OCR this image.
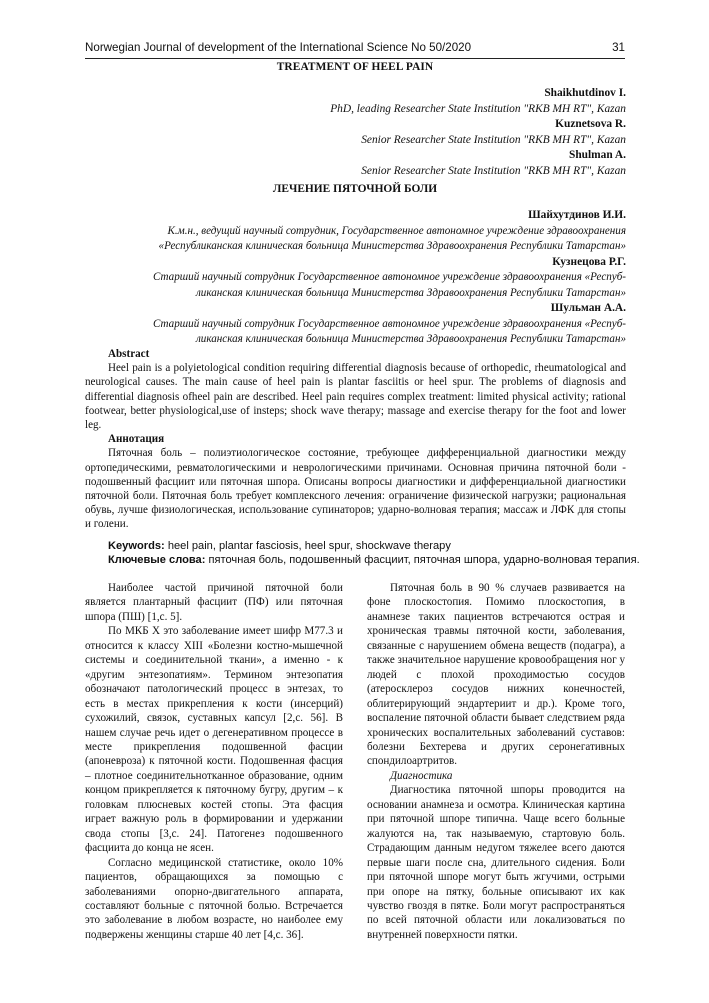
Norwegian Journal of development of the International Science No 50/2020	31
TREATMENT OF HEEL PAIN
Shaikhutdinov I.
PhD, leading Researcher State Institution "RKB MH RT", Kazan
Kuznetsova R.
Senior Researcher State Institution "RKB MH RT", Kazan
Shulman A.
Senior Researcher State Institution "RKB MH RT", Kazan
ЛЕЧЕНИЕ ПЯТОЧНОЙ БОЛИ
Шайхутдинов И.И.
К.м.н., ведущий научный сотрудник, Государственное автономное учреждение здравоохранения
«Республиканская клиническая больница Министерства Здравоохранения Республики Татарстан»
Кузнецова Р.Г.
Старший научный сотрудник Государственное автономное учреждение здравоохранения «Респуб-
ликанская клиническая больница Министерства Здравоохранения Республики Татарстан»
Шульман А.А.
Старший научный сотрудник Государственное автономное учреждение здравоохранения «Респуб-
ликанская клиническая больница Министерства Здравоохранения Республики Татарстан»
Abstract

Heel pain is a polyietological condition requiring differential diagnosis because of orthopedic, rheumatological and neurological causes. The main cause of heel pain is plantar fasciitis or heel spur. The problems of diagnosis and differential diagnosis ofheel pain are described. Heel pain requires complex treatment: limited physical activity; rational footwear, better physiological,use of insteps; shock wave therapy; massage and exercise therapy for the foot and lower leg.

Аннотация

Пяточная боль – полиэтиологическое состояние, требующее дифференциальной диагностики между ортопедическими, ревматологическими и неврологическими причинами. Основная причина пяточной боли - подошвенный фасциит или пяточная шпора. Описаны вопросы диагностики и дифференциальной диагностики пяточной боли. Пяточная боль требует комплексного лечения: ограничение физической нагрузки; рациональная обувь, лучше физиологическая, использование супинаторов; ударно-волновая терапия; массаж и ЛФК для стопы и голени.

Keywords: heel pain, plantar fasciosis, heel spur, shockwave therapy
Ключевые слова: пяточная боль, подошвенный фасциит, пяточная шпора, ударно-волновая терапия.

Наиболее частой причиной пяточной боли является плантарный фасциит (ПФ) или пяточная шпора (ПШ) [1,с. 5].

По МКБ X это заболевание имеет шифр M77.3 и относится к классу XIII «Болезни костно-мышечной системы и соединительной ткани», а именно - к «другим энтезопатиям». Термином энтезопатия обозначают патологический процесс в энтезах, то есть в местах прикрепления к кости (инсерций) сухожилий, связок, суставных капсул [2,с. 56]. В нашем случае речь идет о дегенеративном процессе в месте прикрепления подошвенной фасции (апоневроза) к пяточной кости. Подошвенная фасция – плотное соединительнотканное образование, одним концом прикрепляется к пяточному бугру, другим – к головкам плюсневых костей стопы. Эта фасция играет важную роль в формировании и удержании свода стопы [3,с. 24]. Патогенез подошвенного фасциита до конца не ясен.

Согласно медицинской статистике, около 10% пациентов, обращающихся за помощью с заболеваниями опорно-двигательного аппарата, составляют больные с пяточной болью. Встречается это заболевание в любом возрасте, но наиболее ему подвержены женщины старше 40 лет [4,с. 36].

Пяточная боль в 90 % случаев развивается на фоне плоскостопия. Помимо плоскостопия, в анамнезе таких пациентов встречаются острая и хроническая травмы пяточной кости, заболевания, связанные с нарушением обмена веществ (подагра), а также значительное нарушение кровообращения ног у людей с плохой проходимостью сосудов (атеросклероз сосудов нижних конечностей, облитерирующий эндартериит и др.). Кроме того, воспаление пяточной области бывает следствием ряда хронических воспалительных заболеваний суставов: болезни Бехтерева и других серонегативных спондилоартритов.

Диагностика

Диагностика пяточной шпоры проводится на основании анамнеза и осмотра. Клиническая картина при пяточной шпоре типична. Чаще всего больные жалуются на, так называемую, стартовую боль. Страдающим данным недугом тяжелее всего даются первые шаги после сна, длительного сидения. Боли при пяточной шпоре могут быть жгучими, острыми при опоре на пятку, больные описывают их как чувство гвоздя в пятке. Боли могут распространяться по всей пяточной области или локализоваться по внутренней поверхности пятки.
